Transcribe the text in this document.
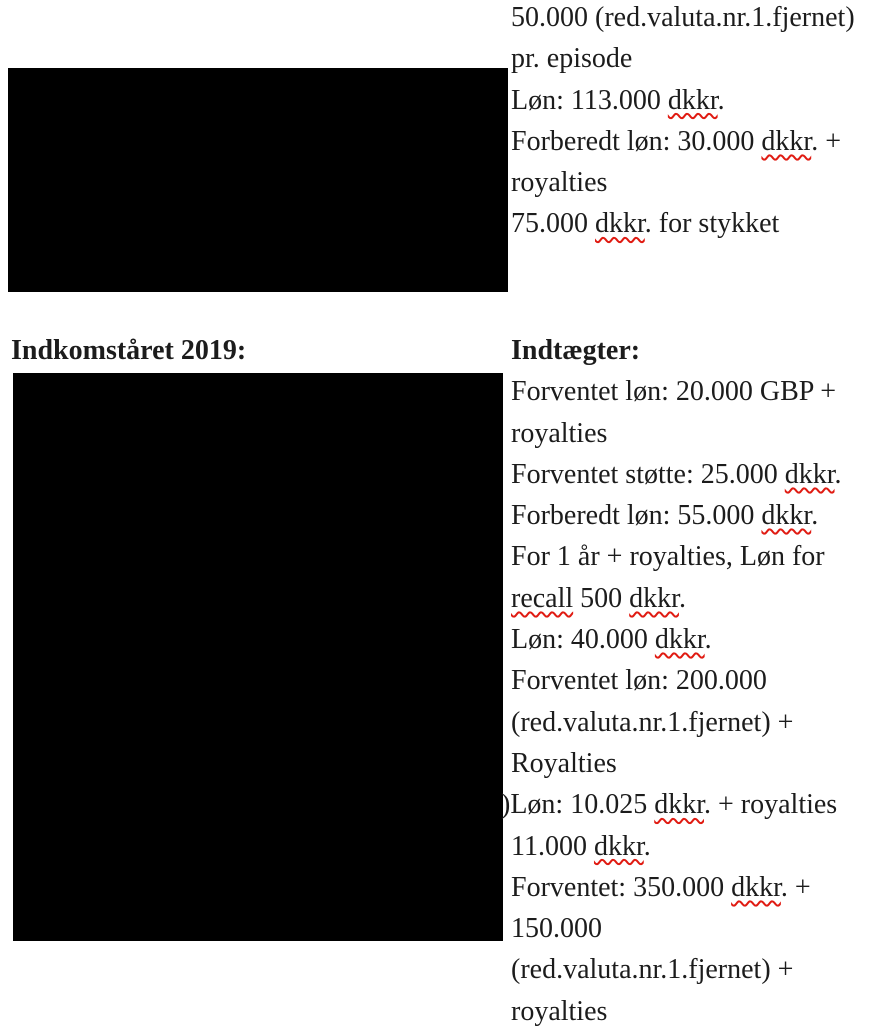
Indkomståret 2019:
50.000 (red.valuta.nr.1.fjernet)
pr. episode
Løn: 113.000 dkkr.
Forberedt løn: 30.000 dkkr. +
royalties
75.000 dkkr. for stykket
Indtægter:
Forventet løn: 20.000 GBP +
royalties
Forventet støtte: 25.000 dkkr.
Forberedt løn: 55.000 dkkr.
For 1 år + royalties, Løn for
recall 500 dkkr.
Løn: 40.000 dkkr.
Forventet løn: 200.000
(red.valuta.nr.1.fjernet) +
Royalties
)Løn: 10.025 dkkr. + royalties
11.000 dkkr.
Forventet: 350.000 dkkr. +
150.000
(red.valuta.nr.1.fjernet) +
royalties
